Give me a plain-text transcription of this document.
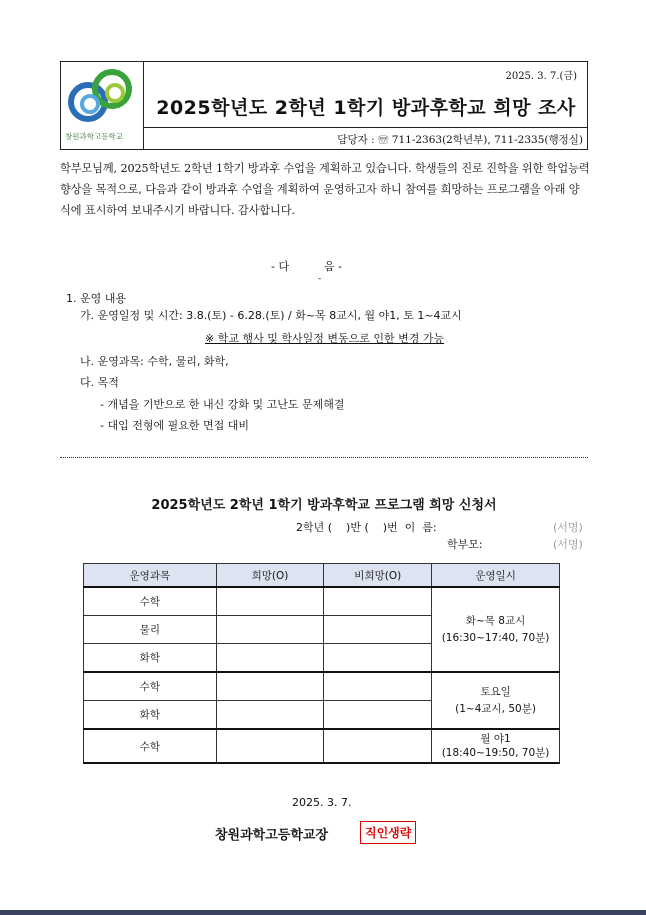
창원과학고등학교
2025. 3. 7.(금)
2025학년도 2학년 1학기 방과후학교 희망 조사
담당자 : ☏ 711-2363(2학년부), 711-2335(행정실)
학부모님께, 2025학년도 2학년 1학기 방과후 수업을 계획하고 있습니다. 학생들의 진로 진학을 위한 학업능력 향상을 목적으로, 다음과 같이 방과후 수업을 계획하여 운영하고자 하니 참여를 희망하는 프로그램을 아래 양식에 표시하여 보내주시기 바랍니다. 감사합니다.
- 다          음 -
-
1. 운영 내용
가. 운영일정 및 시간: 3.8.(토) - 6.28.(토) / 화~목 8교시, 월 야1, 토 1~4교시
※ 학교 행사 및 학사일정 변동으로 인한 변경 가능
나. 운영과목: 수학, 물리, 화학,
다. 목적
- 개념을 기반으로 한 내신 강화 및 고난도 문제해결
- 대입 전형에 필요한 면접 대비
2025학년도 2학년 1학기 방과후학교 프로그램 희망 신청서
2학년 (    )반 (    )번  이  름:	(서명)
학부모:	(서명)
운영과목	희망(O)	비희망(O)	운영일시
수학			화~목 8교시
(16:30~17:40, 70분)

물리			
화학			
수학			토요일
(1~4교시, 50분)

화학			
수학			월 야1
(18:40~19:50, 70분)
2025. 3. 7.
창원과학고등학교장	직인생략
